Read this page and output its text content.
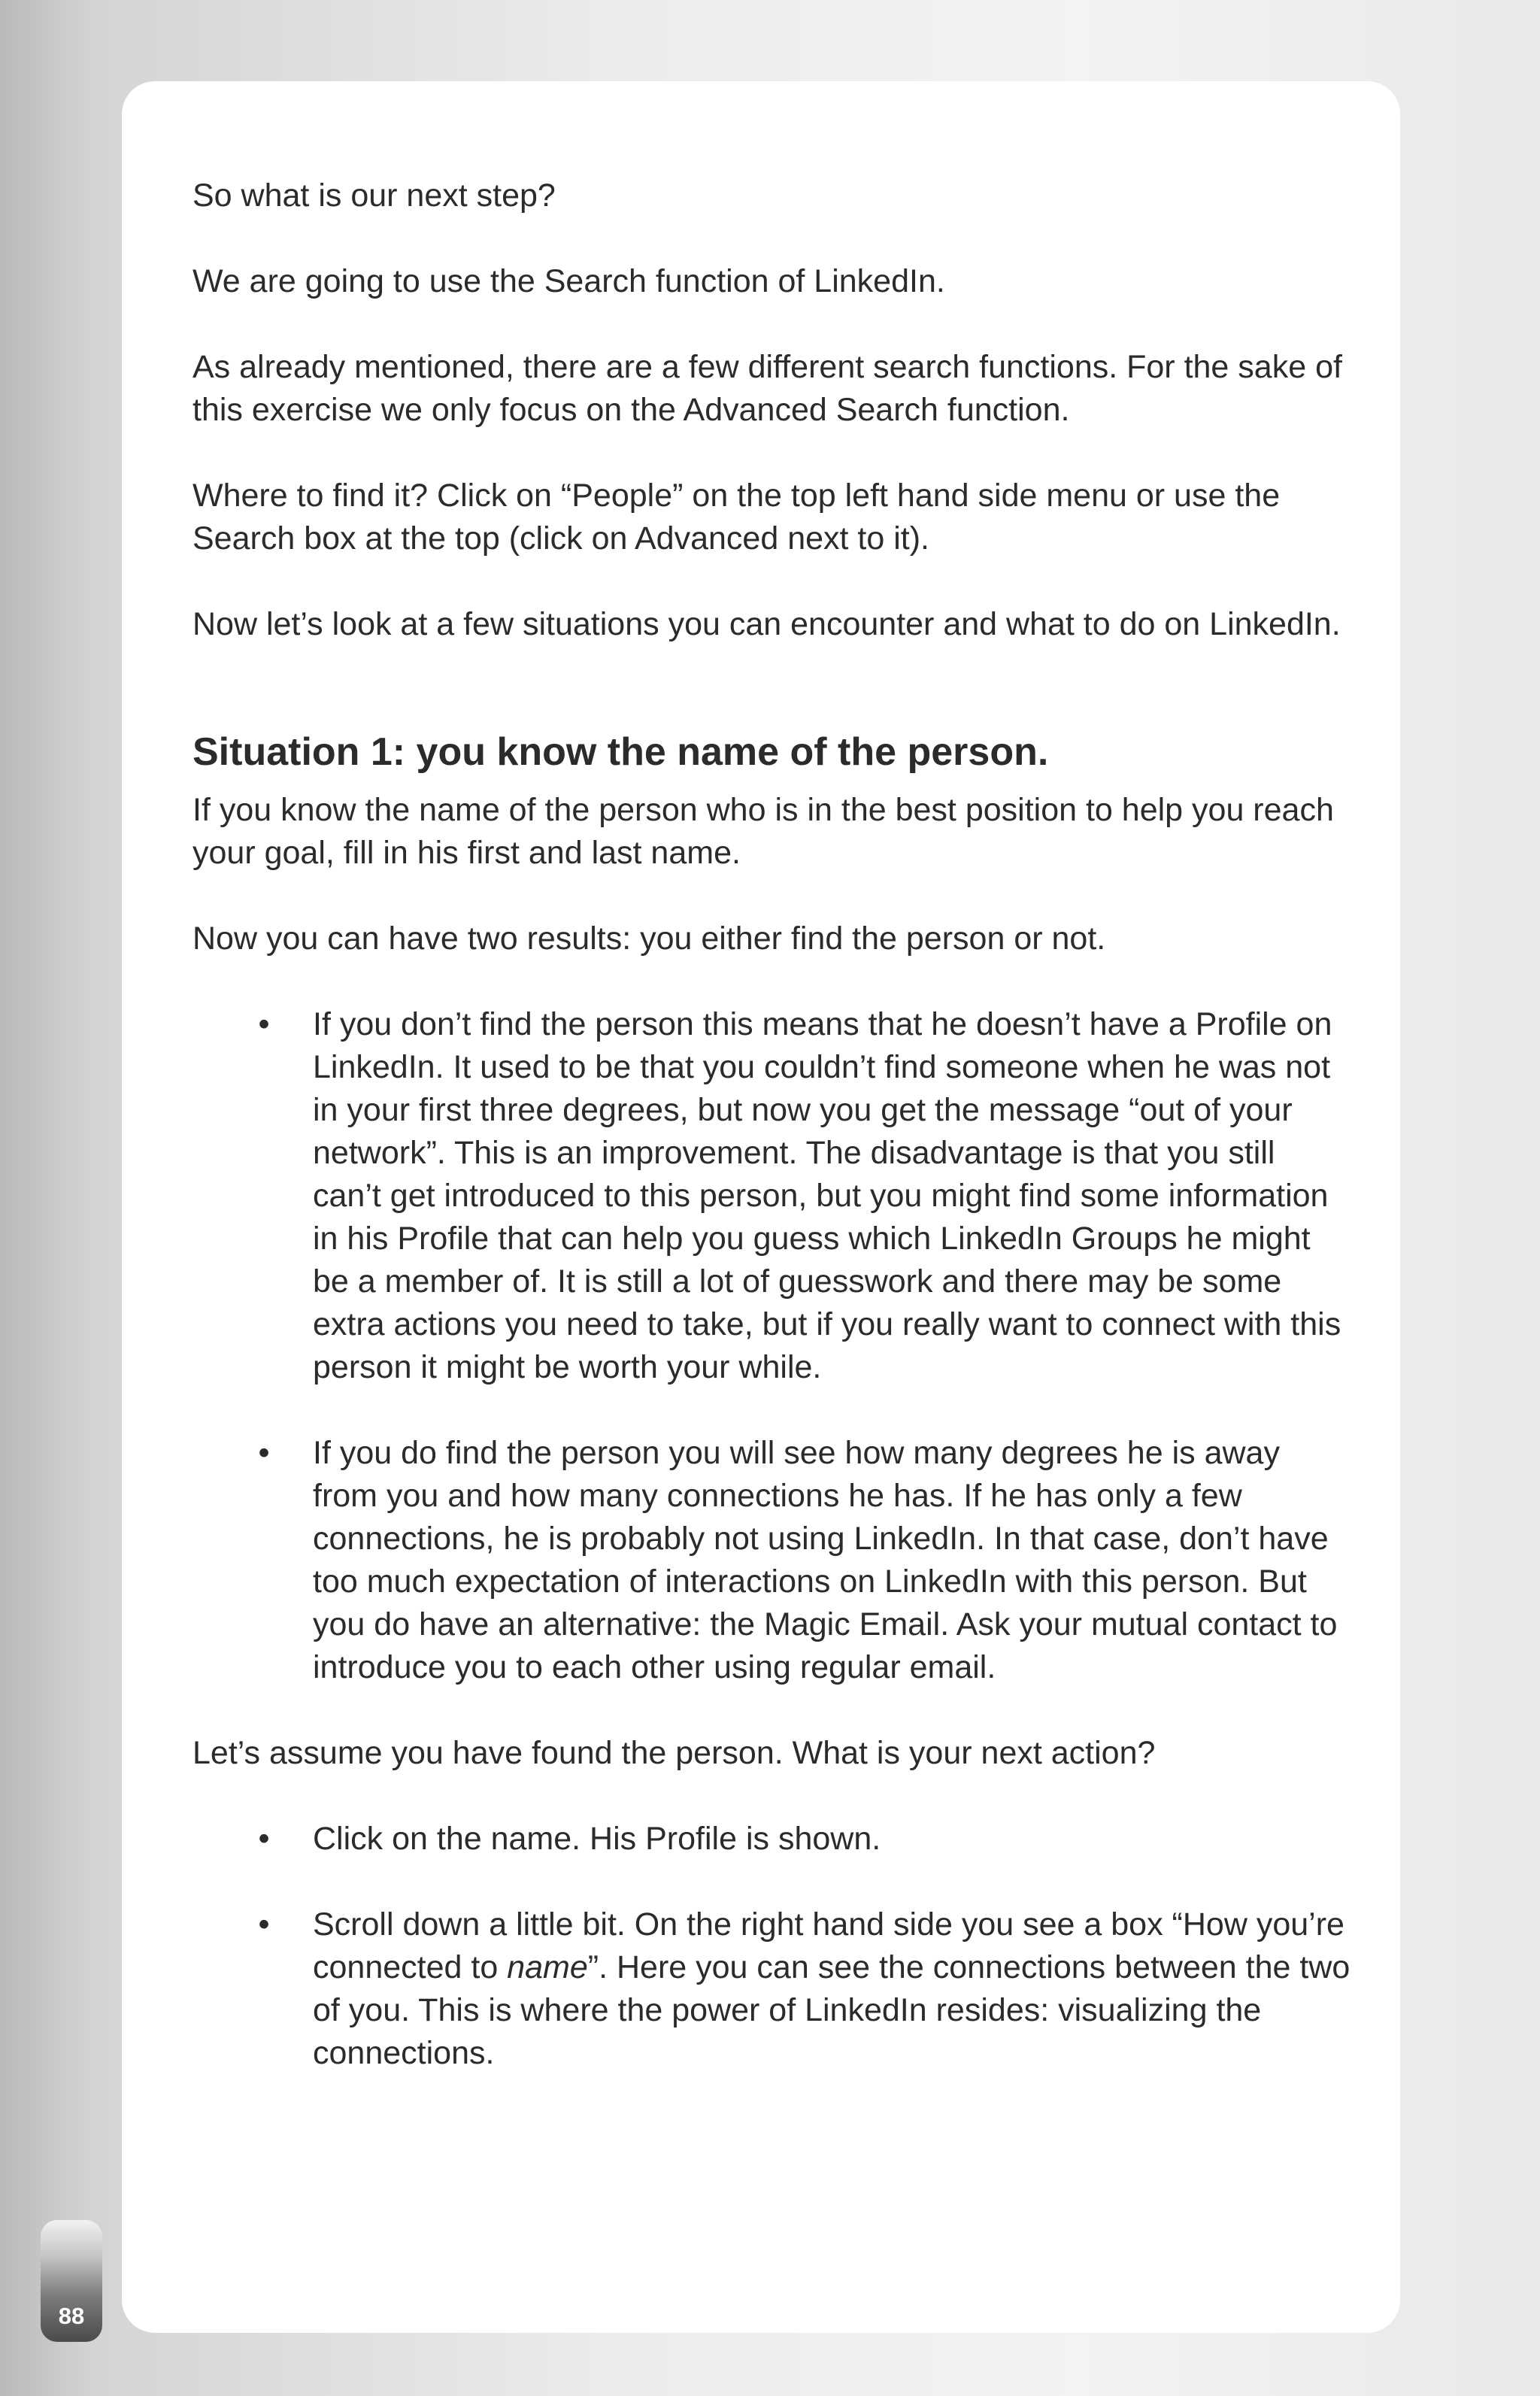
So what is our next step?

We are going to use the Search function of LinkedIn.

As already mentioned, there are a few different search functions. For the sake of this exercise we only focus on the Advanced Search function.

Where to find it? Click on “People” on the top left hand side menu or use the Search box at the top (click on Advanced next to it).

Now let’s look at a few situations you can encounter and what to do on LinkedIn.

Situation 1: you know the name of the person.

If you know the name of the person who is in the best position to help you reach your goal, fill in his first and last name.

Now you can have two results: you either find the person or not.

• If you don’t find the person this means that he doesn’t have a Profile on LinkedIn. It used to be that you couldn’t find someone when he was not in your first three degrees, but now you get the message “out of your network”. This is an improvement. The disadvantage is that you still can’t get introduced to this person, but you might find some information in his Profile that can help you guess which LinkedIn Groups he might be a member of. It is still a lot of guesswork and there may be some extra actions you need to take, but if you really want to connect with this person it might be worth your while.
• If you do find the person you will see how many degrees he is away from you and how many connections he has. If he has only a few connections, he is probably not using LinkedIn. In that case, don’t have too much expectation of interactions on LinkedIn with this person. But you do have an alternative: the Magic Email. Ask your mutual contact to introduce you to each other using regular email.

Let’s assume you have found the person. What is your next action?

• Click on the name. His Profile is shown.
• Scroll down a little bit. On the right hand side you see a box “How you’re connected to name”. Here you can see the connections between the two of you. This is where the power of LinkedIn resides: visualizing the connections.
88
